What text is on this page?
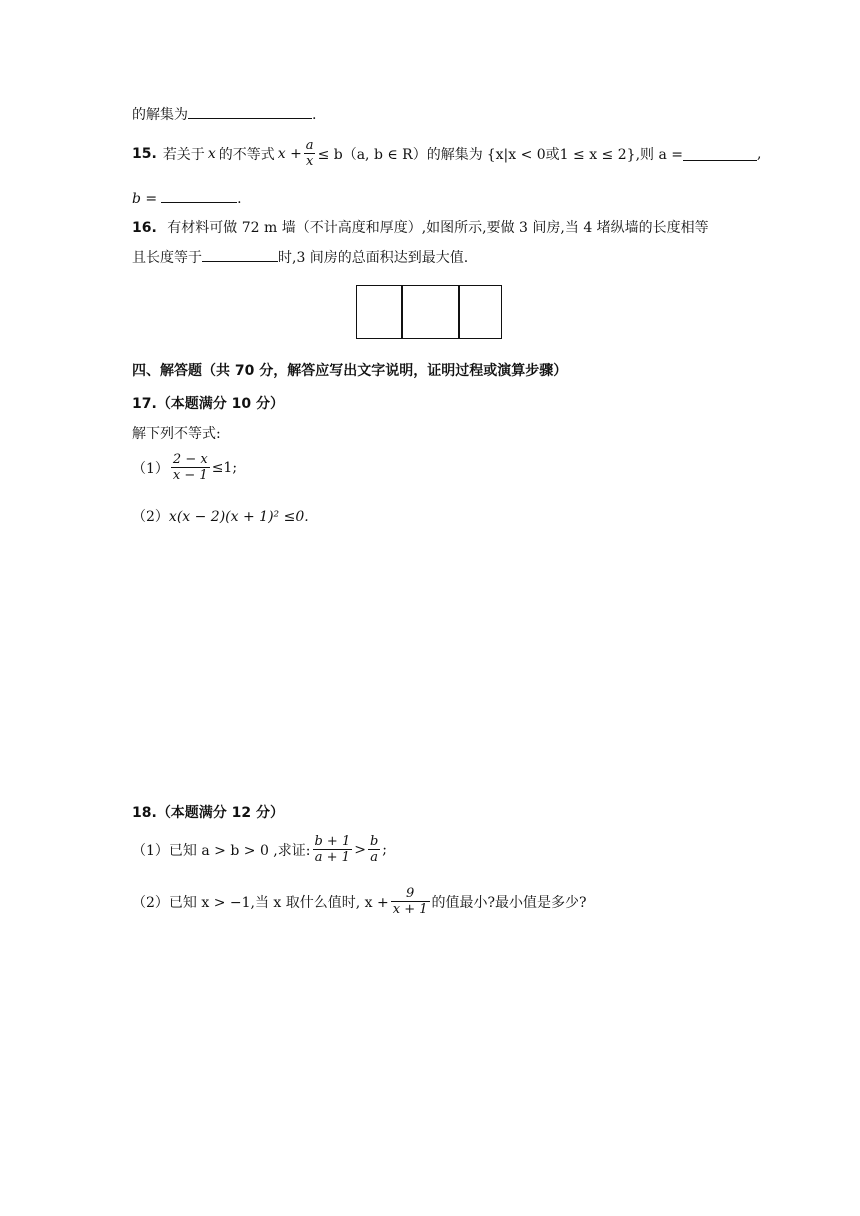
的解集为	.
15. 若关于 x 的不等式 $x + \frac{a}{x} \le b(a$, b ∈ R）的解集为 {x|x < 0或1 ≤ x ≤ 2} ,则 a =	,
b =	.
16. 有材料可做 72 m 墙（不计高度和厚度）,如图所示,要做 3 间房,当 4 堵纵墙的长度相等
且长度等于	时,3 间房的总面积达到最大值.
四、解答题（共 70 分，解答应写出文字说明，证明过程或演算步骤）
17.（本题满分 10 分）
解下列不等式:
$(1) \frac{2 - x}{x - 1} \le 1$;
（2）x(x − 2)(x + 1)² ≤0.
18.（本题满分 12 分）
（1） 已知 a > b > 0 ,求证: $\frac{b + 1}{a + 1} > \frac{b}{a}$ ;
（2） 已知 x > −1,当 x 取什么值时, $x + \frac{9}{x + 1}$ 的值最小?最小值是多少?
